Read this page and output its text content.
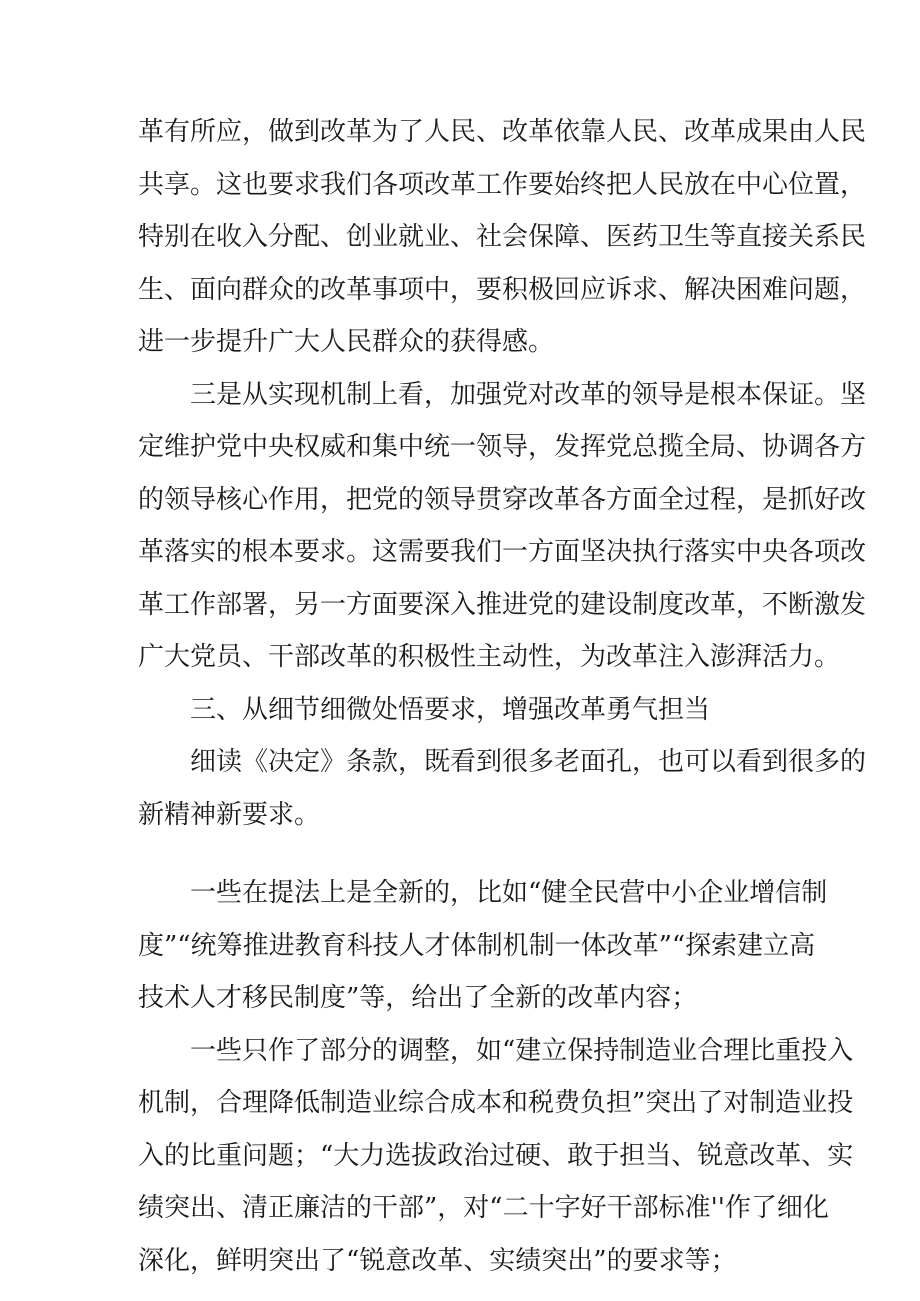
革有所应，做到改革为了人民、改革依靠人民、改革成果由人民
共享。这也要求我们各项改革工作要始终把人民放在中心位置，
特别在收入分配、创业就业、社会保障、医药卫生等直接关系民
生、面向群众的改革事项中，要积极回应诉求、解决困难问题，
进一步提升广大人民群众的获得感。
三是从实现机制上看，加强党对改革的领导是根本保证。坚
定维护党中央权威和集中统一领导，发挥党总揽全局、协调各方
的领导核心作用，把党的领导贯穿改革各方面全过程，是抓好改
革落实的根本要求。这需要我们一方面坚决执行落实中央各项改
革工作部署，另一方面要深入推进党的建设制度改革，不断激发
广大党员、干部改革的积极性主动性，为改革注入澎湃活力。
三、从细节细微处悟要求，增强改革勇气担当
细读《决定》条款，既看到很多老面孔，也可以看到很多的
新精神新要求。
一些在提法上是全新的，比如“健全民营中小企业增信制
度”“统筹推进教育科技人才体制机制一体改革”“探索建立高
技术人才移民制度”等，给出了全新的改革内容；
一些只作了部分的调整，如“建立保持制造业合理比重投入
机制，合理降低制造业综合成本和税费负担”突出了对制造业投
入的比重问题；“大力选拔政治过硬、敢于担当、锐意改革、实
绩突出、清正廉洁的干部”，对“二十字好干部标准''作了细化
深化，鲜明突出了“锐意改革、实绩突出”的要求等；
